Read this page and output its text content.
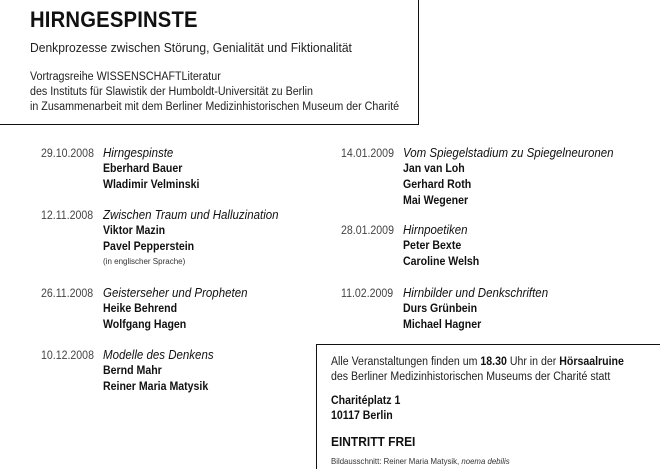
HIRNGESPINSTE
Denkprozesse zwischen Störung, Genialität und Fiktionalität
Vortragsreihe WISSENSCHAFTLiteratur
des Instituts für Slawistik der Humboldt-Universität zu Berlin
in Zusammenarbeit mit dem Berliner Medizinhistorischen Museum der Charité
29.10.2008 Hirngespinste
Eberhard Bauer
Wladimir Velminski
12.11.2008 Zwischen Traum und Halluzination
Viktor Mazin
Pavel Pepperstein
(in englischer Sprache)
26.11.2008 Geisterseher und Propheten
Heike Behrend
Wolfgang Hagen
10.12.2008 Modelle des Denkens
Bernd Mahr
Reiner Maria Matysik
14.01.2009 Vom Spiegelstadium zu Spiegelneuronen
Jan van Loh
Gerhard Roth
Mai Wegener
28.01.2009 Hirnpoetiken
Peter Bexte
Caroline Welsh
11.02.2009 Hirnbilder und Denkschriften
Durs Grünbein
Michael Hagner
Alle Veranstaltungen finden um 18.30 Uhr in der Hörsaalruine
des Berliner Medizinhistorischen Museums der Charité statt
Charitéplatz 1
10117 Berlin
EINTRITT FREI
Bildausschnitt: Reiner Maria Matysik, noema debilis
